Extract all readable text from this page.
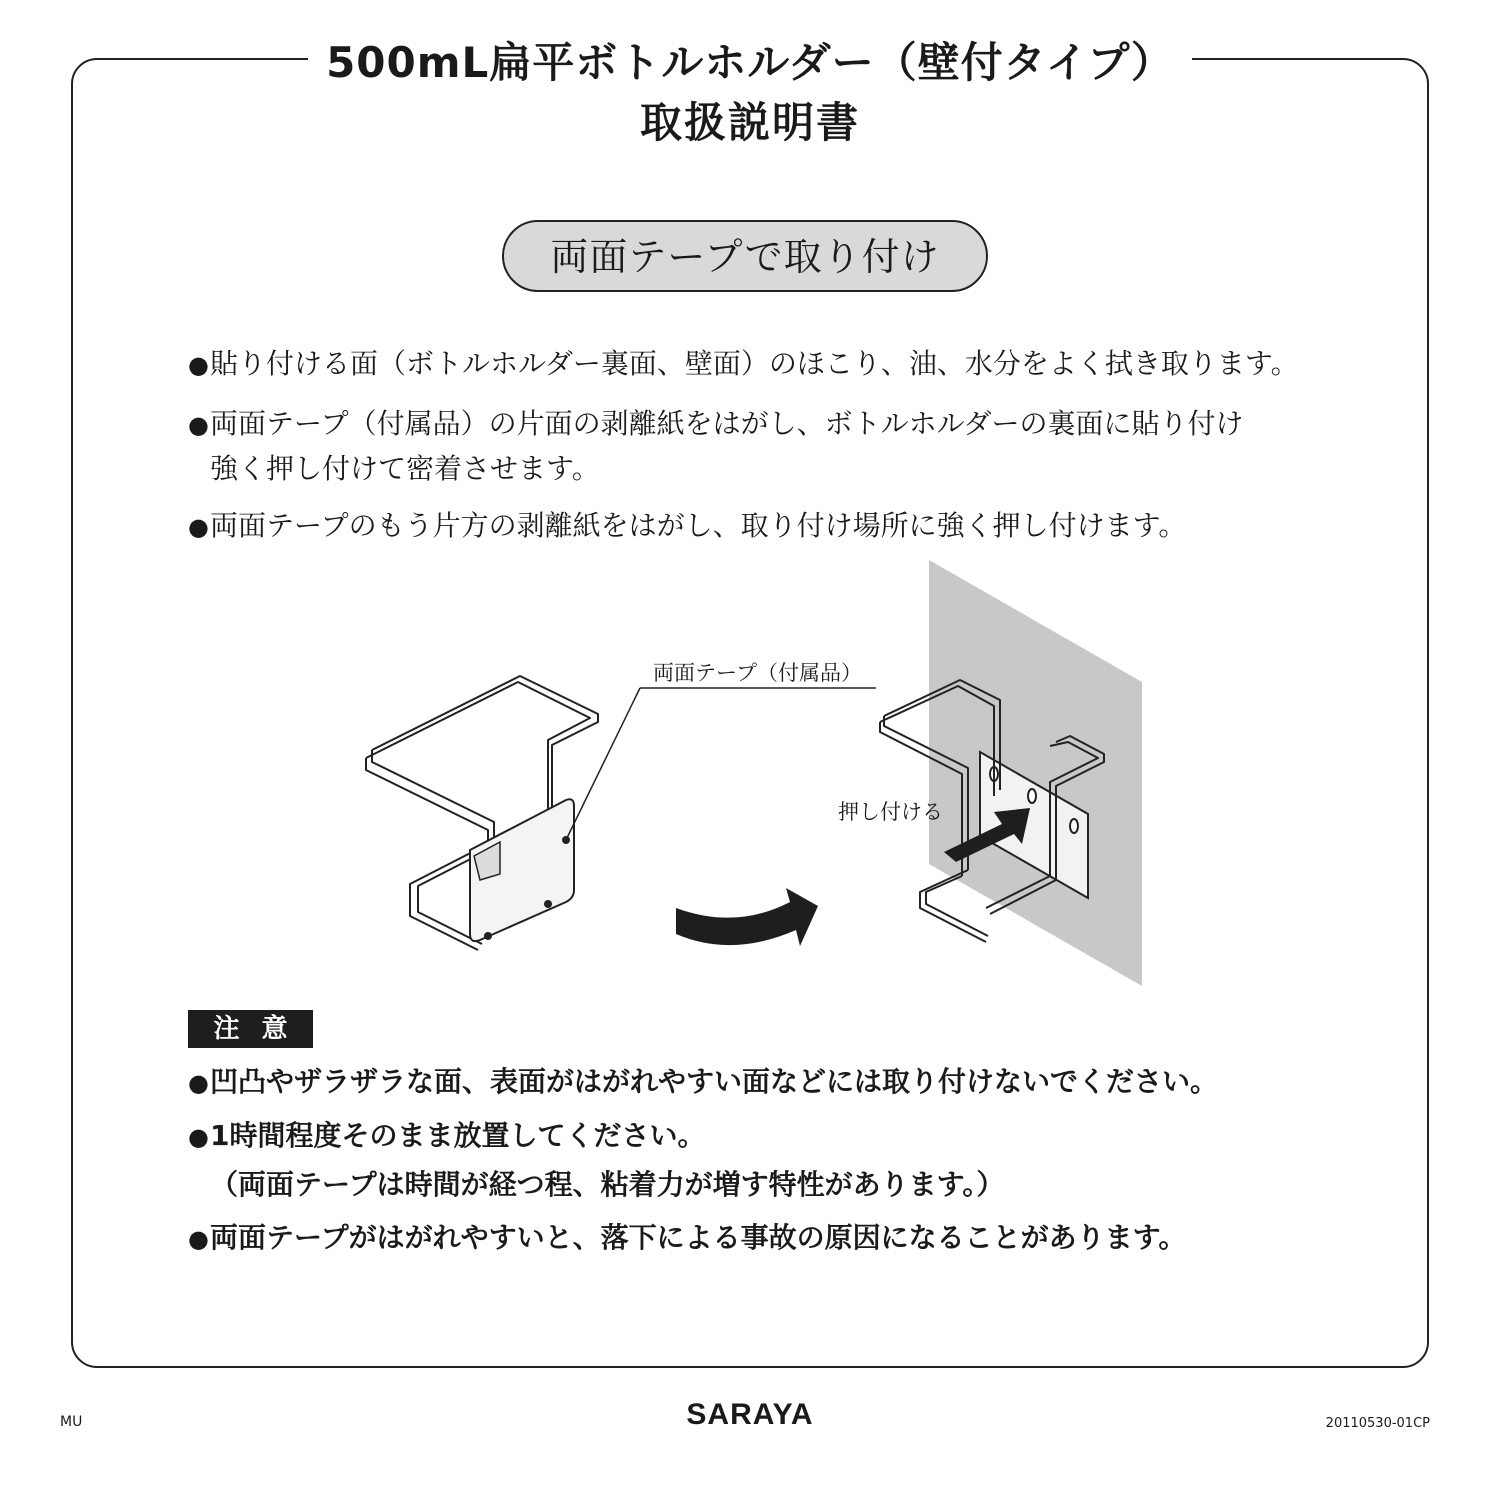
500mL扁平ボトルホルダー（壁付タイプ）
取扱説明書
両面テープで取り付け
●貼り付ける面（ボトルホルダー裏面、壁面）のほこり、油、水分をよく拭き取ります。
●両面テープ（付属品）の片面の剥離紙をはがし、ボトルホルダーの裏面に貼り付け
強く押し付けて密着させます。
●両面テープのもう片方の剥離紙をはがし、取り付け場所に強く押し付けます。
両面テープ（付属品）
押し付ける
注意
●凹凸やザラザラな面、表面がはがれやすい面などには取り付けないでください。
●1時間程度そのまま放置してください。
（両面テープは時間が経つ程、粘着力が増す特性があります。）
●両面テープがはがれやすいと、落下による事故の原因になることがあります。
MU	SARAYA	20110530-01CP
